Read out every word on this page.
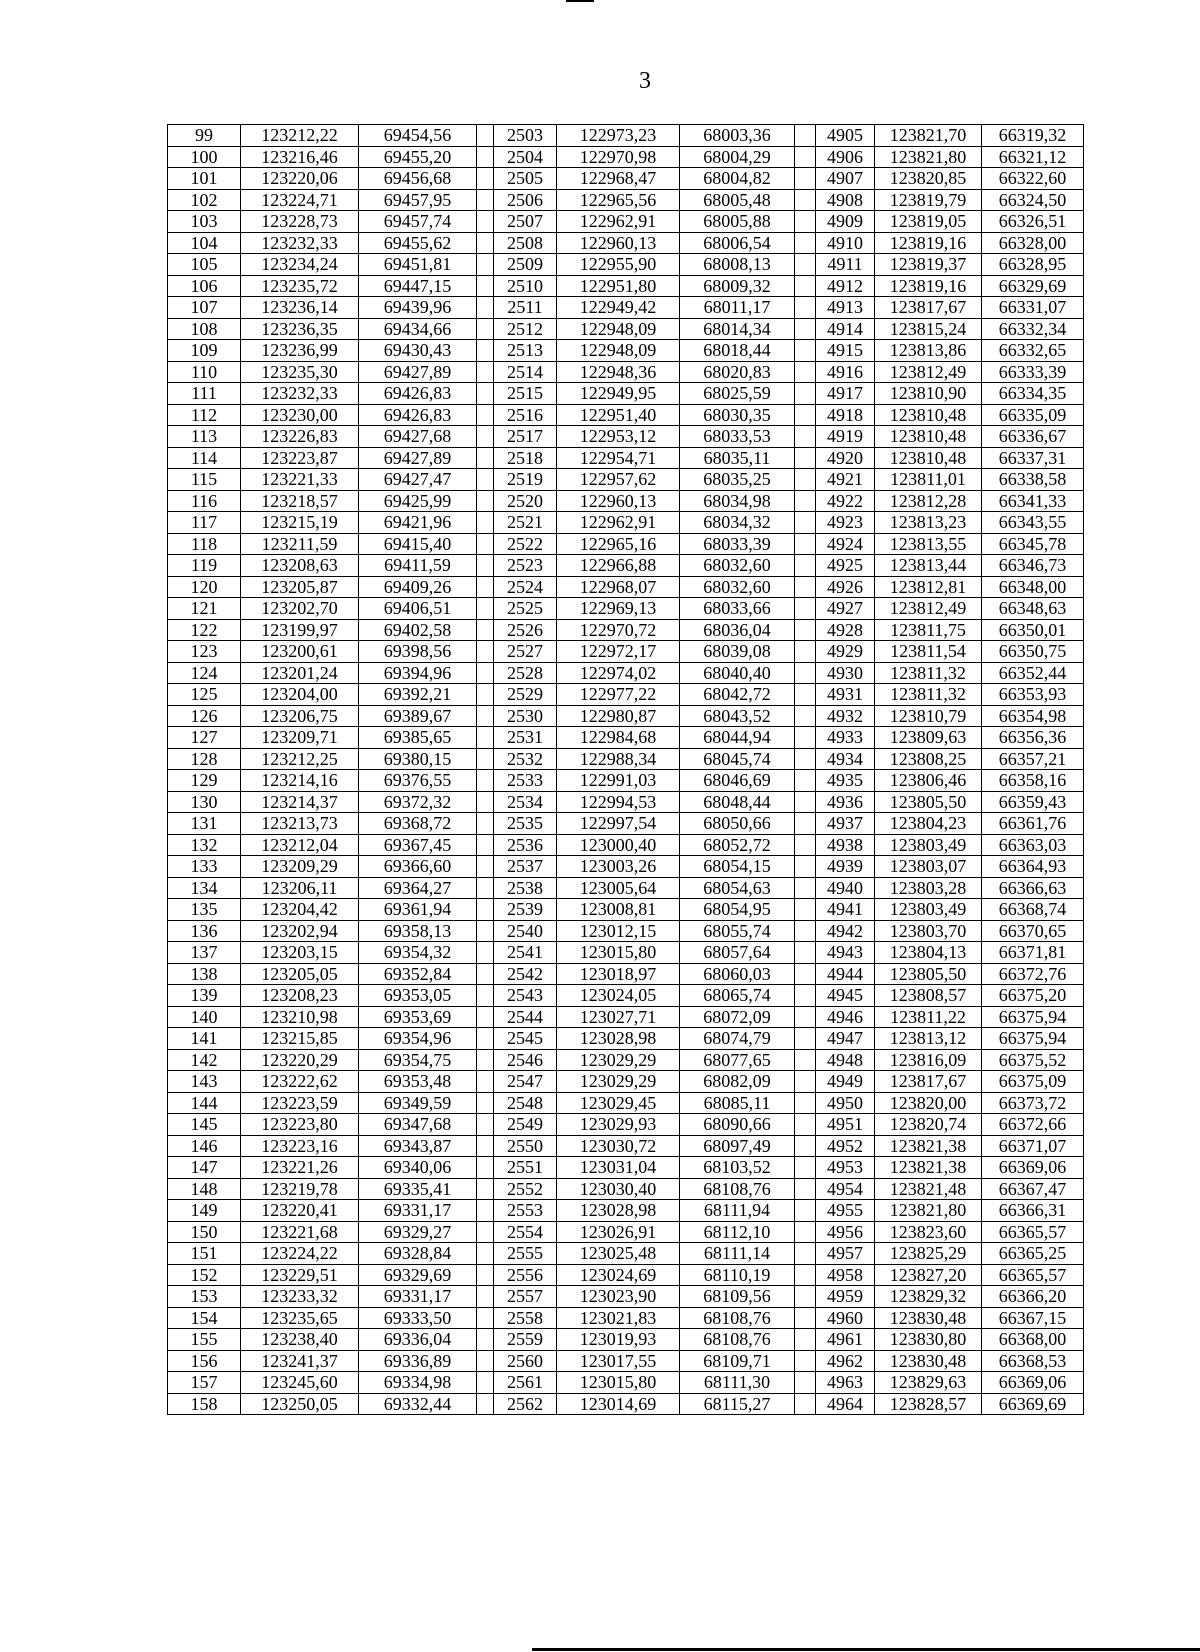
3
99	123212,22	69454,56		2503	122973,23	68003,36		4905	123821,70	66319,32
100	123216,46	69455,20		2504	122970,98	68004,29		4906	123821,80	66321,12
101	123220,06	69456,68		2505	122968,47	68004,82		4907	123820,85	66322,60
102	123224,71	69457,95		2506	122965,56	68005,48		4908	123819,79	66324,50
103	123228,73	69457,74		2507	122962,91	68005,88		4909	123819,05	66326,51
104	123232,33	69455,62		2508	122960,13	68006,54		4910	123819,16	66328,00
105	123234,24	69451,81		2509	122955,90	68008,13		4911	123819,37	66328,95
106	123235,72	69447,15		2510	122951,80	68009,32		4912	123819,16	66329,69
107	123236,14	69439,96		2511	122949,42	68011,17		4913	123817,67	66331,07
108	123236,35	69434,66		2512	122948,09	68014,34		4914	123815,24	66332,34
109	123236,99	69430,43		2513	122948,09	68018,44		4915	123813,86	66332,65
110	123235,30	69427,89		2514	122948,36	68020,83		4916	123812,49	66333,39
111	123232,33	69426,83		2515	122949,95	68025,59		4917	123810,90	66334,35
112	123230,00	69426,83		2516	122951,40	68030,35		4918	123810,48	66335,09
113	123226,83	69427,68		2517	122953,12	68033,53		4919	123810,48	66336,67
114	123223,87	69427,89		2518	122954,71	68035,11		4920	123810,48	66337,31
115	123221,33	69427,47		2519	122957,62	68035,25		4921	123811,01	66338,58
116	123218,57	69425,99		2520	122960,13	68034,98		4922	123812,28	66341,33
117	123215,19	69421,96		2521	122962,91	68034,32		4923	123813,23	66343,55
118	123211,59	69415,40		2522	122965,16	68033,39		4924	123813,55	66345,78
119	123208,63	69411,59		2523	122966,88	68032,60		4925	123813,44	66346,73
120	123205,87	69409,26		2524	122968,07	68032,60		4926	123812,81	66348,00
121	123202,70	69406,51		2525	122969,13	68033,66		4927	123812,49	66348,63
122	123199,97	69402,58		2526	122970,72	68036,04		4928	123811,75	66350,01
123	123200,61	69398,56		2527	122972,17	68039,08		4929	123811,54	66350,75
124	123201,24	69394,96		2528	122974,02	68040,40		4930	123811,32	66352,44
125	123204,00	69392,21		2529	122977,22	68042,72		4931	123811,32	66353,93
126	123206,75	69389,67		2530	122980,87	68043,52		4932	123810,79	66354,98
127	123209,71	69385,65		2531	122984,68	68044,94		4933	123809,63	66356,36
128	123212,25	69380,15		2532	122988,34	68045,74		4934	123808,25	66357,21
129	123214,16	69376,55		2533	122991,03	68046,69		4935	123806,46	66358,16
130	123214,37	69372,32		2534	122994,53	68048,44		4936	123805,50	66359,43
131	123213,73	69368,72		2535	122997,54	68050,66		4937	123804,23	66361,76
132	123212,04	69367,45		2536	123000,40	68052,72		4938	123803,49	66363,03
133	123209,29	69366,60		2537	123003,26	68054,15		4939	123803,07	66364,93
134	123206,11	69364,27		2538	123005,64	68054,63		4940	123803,28	66366,63
135	123204,42	69361,94		2539	123008,81	68054,95		4941	123803,49	66368,74
136	123202,94	69358,13		2540	123012,15	68055,74		4942	123803,70	66370,65
137	123203,15	69354,32		2541	123015,80	68057,64		4943	123804,13	66371,81
138	123205,05	69352,84		2542	123018,97	68060,03		4944	123805,50	66372,76
139	123208,23	69353,05		2543	123024,05	68065,74		4945	123808,57	66375,20
140	123210,98	69353,69		2544	123027,71	68072,09		4946	123811,22	66375,94
141	123215,85	69354,96		2545	123028,98	68074,79		4947	123813,12	66375,94
142	123220,29	69354,75		2546	123029,29	68077,65		4948	123816,09	66375,52
143	123222,62	69353,48		2547	123029,29	68082,09		4949	123817,67	66375,09
144	123223,59	69349,59		2548	123029,45	68085,11		4950	123820,00	66373,72
145	123223,80	69347,68		2549	123029,93	68090,66		4951	123820,74	66372,66
146	123223,16	69343,87		2550	123030,72	68097,49		4952	123821,38	66371,07
147	123221,26	69340,06		2551	123031,04	68103,52		4953	123821,38	66369,06
148	123219,78	69335,41		2552	123030,40	68108,76		4954	123821,48	66367,47
149	123220,41	69331,17		2553	123028,98	68111,94		4955	123821,80	66366,31
150	123221,68	69329,27		2554	123026,91	68112,10		4956	123823,60	66365,57
151	123224,22	69328,84		2555	123025,48	68111,14		4957	123825,29	66365,25
152	123229,51	69329,69		2556	123024,69	68110,19		4958	123827,20	66365,57
153	123233,32	69331,17		2557	123023,90	68109,56		4959	123829,32	66366,20
154	123235,65	69333,50		2558	123021,83	68108,76		4960	123830,48	66367,15
155	123238,40	69336,04		2559	123019,93	68108,76		4961	123830,80	66368,00
156	123241,37	69336,89		2560	123017,55	68109,71		4962	123830,48	66368,53
157	123245,60	69334,98		2561	123015,80	68111,30		4963	123829,63	66369,06
158	123250,05	69332,44		2562	123014,69	68115,27		4964	123828,57	66369,69
